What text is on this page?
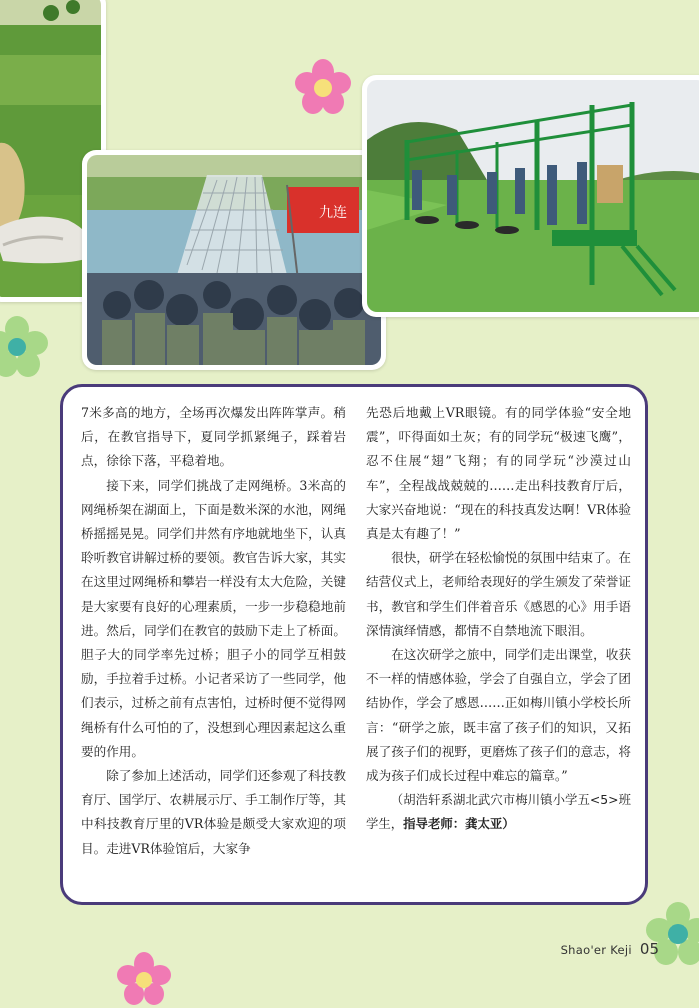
九连

7米多高的地方，全场再次爆发出阵阵掌声。稍后，在教官指导下，夏同学抓紧绳子，踩着岩点，徐徐下落，平稳着地。

接下来，同学们挑战了走网绳桥。3米高的网绳桥架在湖面上，下面是数米深的水池，网绳桥摇摇晃晃。同学们井然有序地就地坐下，认真聆听教官讲解过桥的要领。教官告诉大家，其实在这里过网绳桥和攀岩一样没有太大危险，关键是大家要有良好的心理素质，一步一步稳稳地前进。然后，同学们在教官的鼓励下走上了桥面。胆子大的同学率先过桥；胆子小的同学互相鼓励，手拉着手过桥。小记者采访了一些同学，他们表示，过桥之前有点害怕，过桥时便不觉得网绳桥有什么可怕的了，没想到心理因素起这么重要的作用。

除了参加上述活动，同学们还参观了科技教育厅、国学厅、农耕展示厅、手工制作厅等，其中科技教育厅里的VR体验是颇受大家欢迎的项目。走进VR体验馆后，大家争

先恐后地戴上VR眼镜。有的同学体验“安全地震”，吓得面如土灰；有的同学玩“极速飞鹰”，忍不住展“翅”飞翔；有的同学玩“沙漠过山车”，全程战战兢兢的……走出科技教育厅后，大家兴奋地说：“现在的科技真发达啊！VR体验真是太有趣了！”

很快，研学在轻松愉悦的氛围中结束了。在结营仪式上，老师给表现好的学生颁发了荣誉证书，教官和学生们伴着音乐《感恩的心》用手语深情演绎情感，都情不自禁地流下眼泪。

在这次研学之旅中，同学们走出课堂，收获不一样的情感体验，学会了自强自立，学会了团结协作，学会了感恩……正如梅川镇小学校长所言：“研学之旅，既丰富了孩子们的知识，又拓展了孩子们的视野，更磨炼了孩子们的意志，将成为孩子们成长过程中难忘的篇章。”

（胡浩轩系湖北武穴市梅川镇小学五<5>班学生，指导老师：龚太亚）

Shao'er Keji 05
